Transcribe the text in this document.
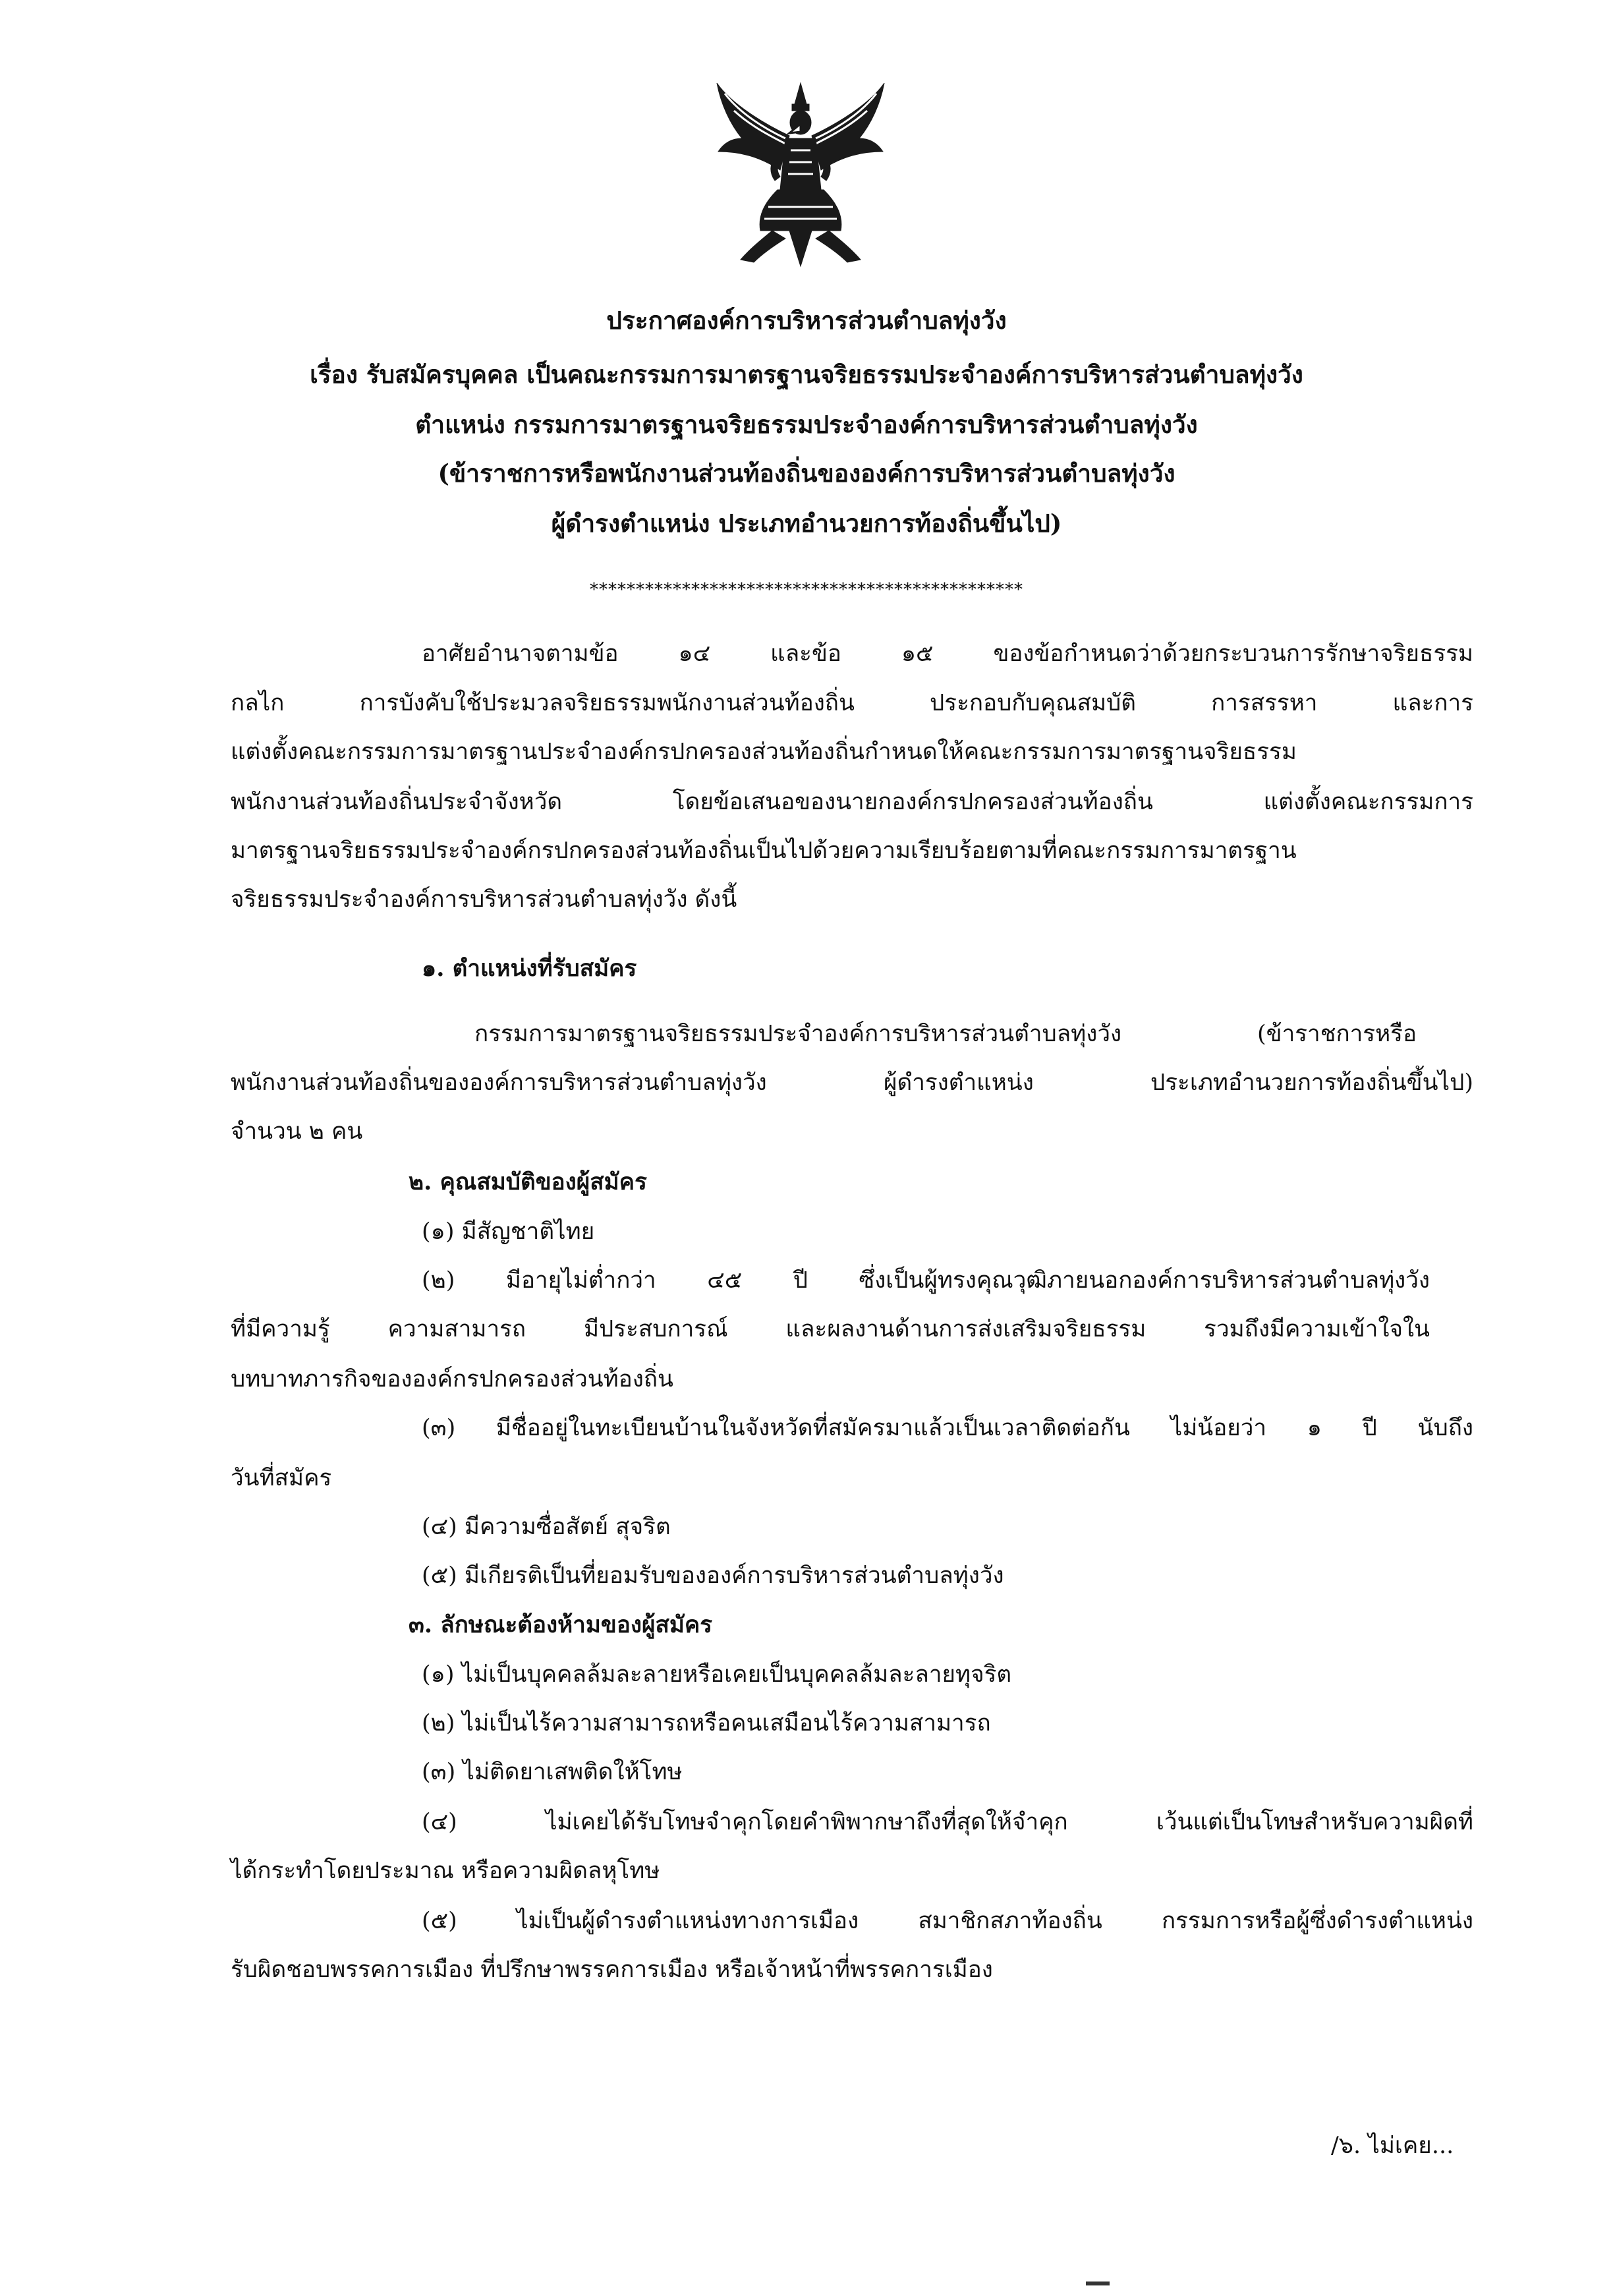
ประกาศองค์การบริหารส่วนตำบลทุ่งวัง
เรื่อง รับสมัครบุคคล เป็นคณะกรรมการมาตรฐานจริยธรรมประจำองค์การบริหารส่วนตำบลทุ่งวัง
ตำแหน่ง กรรมการมาตรฐานจริยธรรมประจำองค์การบริหารส่วนตำบลทุ่งวัง
(ข้าราชการหรือพนักงานส่วนท้องถิ่นขององค์การบริหารส่วนตำบลทุ่งวัง
ผู้ดำรงตำแหน่ง ประเภทอำนวยการท้องถิ่นขึ้นไป)
***********************************************
อาศัยอำนาจตามข้อ ๑๔ และข้อ ๑๕ ของข้อกำหนดว่าด้วยกระบวนการรักษาจริยธรรม
กลไก การบังคับใช้ประมวลจริยธรรมพนักงานส่วนท้องถิ่น ประกอบกับคุณสมบัติ การสรรหา และการ
แต่งตั้งคณะกรรมการมาตรฐานประจำองค์กรปกครองส่วนท้องถิ่นกำหนดให้คณะกรรมการมาตรฐานจริยธรรม
พนักงานส่วนท้องถิ่นประจำจังหวัด โดยข้อเสนอของนายกองค์กรปกครองส่วนท้องถิ่น แต่งตั้งคณะกรรมการ
มาตรฐานจริยธรรมประจำองค์กรปกครองส่วนท้องถิ่นเป็นไปด้วยความเรียบร้อยตามที่คณะกรรมการมาตรฐาน
จริยธรรมประจำองค์การบริหารส่วนตำบลทุ่งวัง ดังนี้
๑. ตำแหน่งที่รับสมัคร
กรรมการมาตรฐานจริยธรรมประจำองค์การบริหารส่วนตำบลทุ่งวัง (ข้าราชการหรือ
พนักงานส่วนท้องถิ่นขององค์การบริหารส่วนตำบลทุ่งวัง ผู้ดำรงตำแหน่ง ประเภทอำนวยการท้องถิ่นขึ้นไป)
จำนวน ๒ คน
๒. คุณสมบัติของผู้สมัคร
(๑) มีสัญชาติไทย
(๒) มีอายุไม่ต่ำกว่า ๔๕ ปี ซึ่งเป็นผู้ทรงคุณวุฒิภายนอกองค์การบริหารส่วนตำบลทุ่งวัง
ที่มีความรู้ ความสามารถ มีประสบการณ์ และผลงานด้านการส่งเสริมจริยธรรม รวมถึงมีความเข้าใจใน
บทบาทภารกิจขององค์กรปกครองส่วนท้องถิ่น
(๓) มีชื่ออยู่ในทะเบียนบ้านในจังหวัดที่สมัครมาแล้วเป็นเวลาติดต่อกัน ไม่น้อยว่า ๑ ปี นับถึง
วันที่สมัคร
(๔) มีความซื่อสัตย์ สุจริต
(๕) มีเกียรติเป็นที่ยอมรับขององค์การบริหารส่วนตำบลทุ่งวัง
๓. ลักษณะต้องห้ามของผู้สมัคร
(๑) ไม่เป็นบุคคลล้มละลายหรือเคยเป็นบุคคลล้มละลายทุจริต
(๒) ไม่เป็นไร้ความสามารถหรือคนเสมือนไร้ความสามารถ
(๓) ไม่ติดยาเสพติดให้โทษ
(๔) ไม่เคยได้รับโทษจำคุกโดยคำพิพากษาถึงที่สุดให้จำคุก เว้นแต่เป็นโทษสำหรับความผิดที่
ได้กระทำโดยประมาณ หรือความผิดลหุโทษ
(๕) ไม่เป็นผู้ดำรงตำแหน่งทางการเมือง สมาชิกสภาท้องถิ่น กรรมการหรือผู้ซึ่งดำรงตำแหน่ง
รับผิดชอบพรรคการเมือง ที่ปรึกษาพรรคการเมือง หรือเจ้าหน้าที่พรรคการเมือง
/๖. ไม่เคย...
